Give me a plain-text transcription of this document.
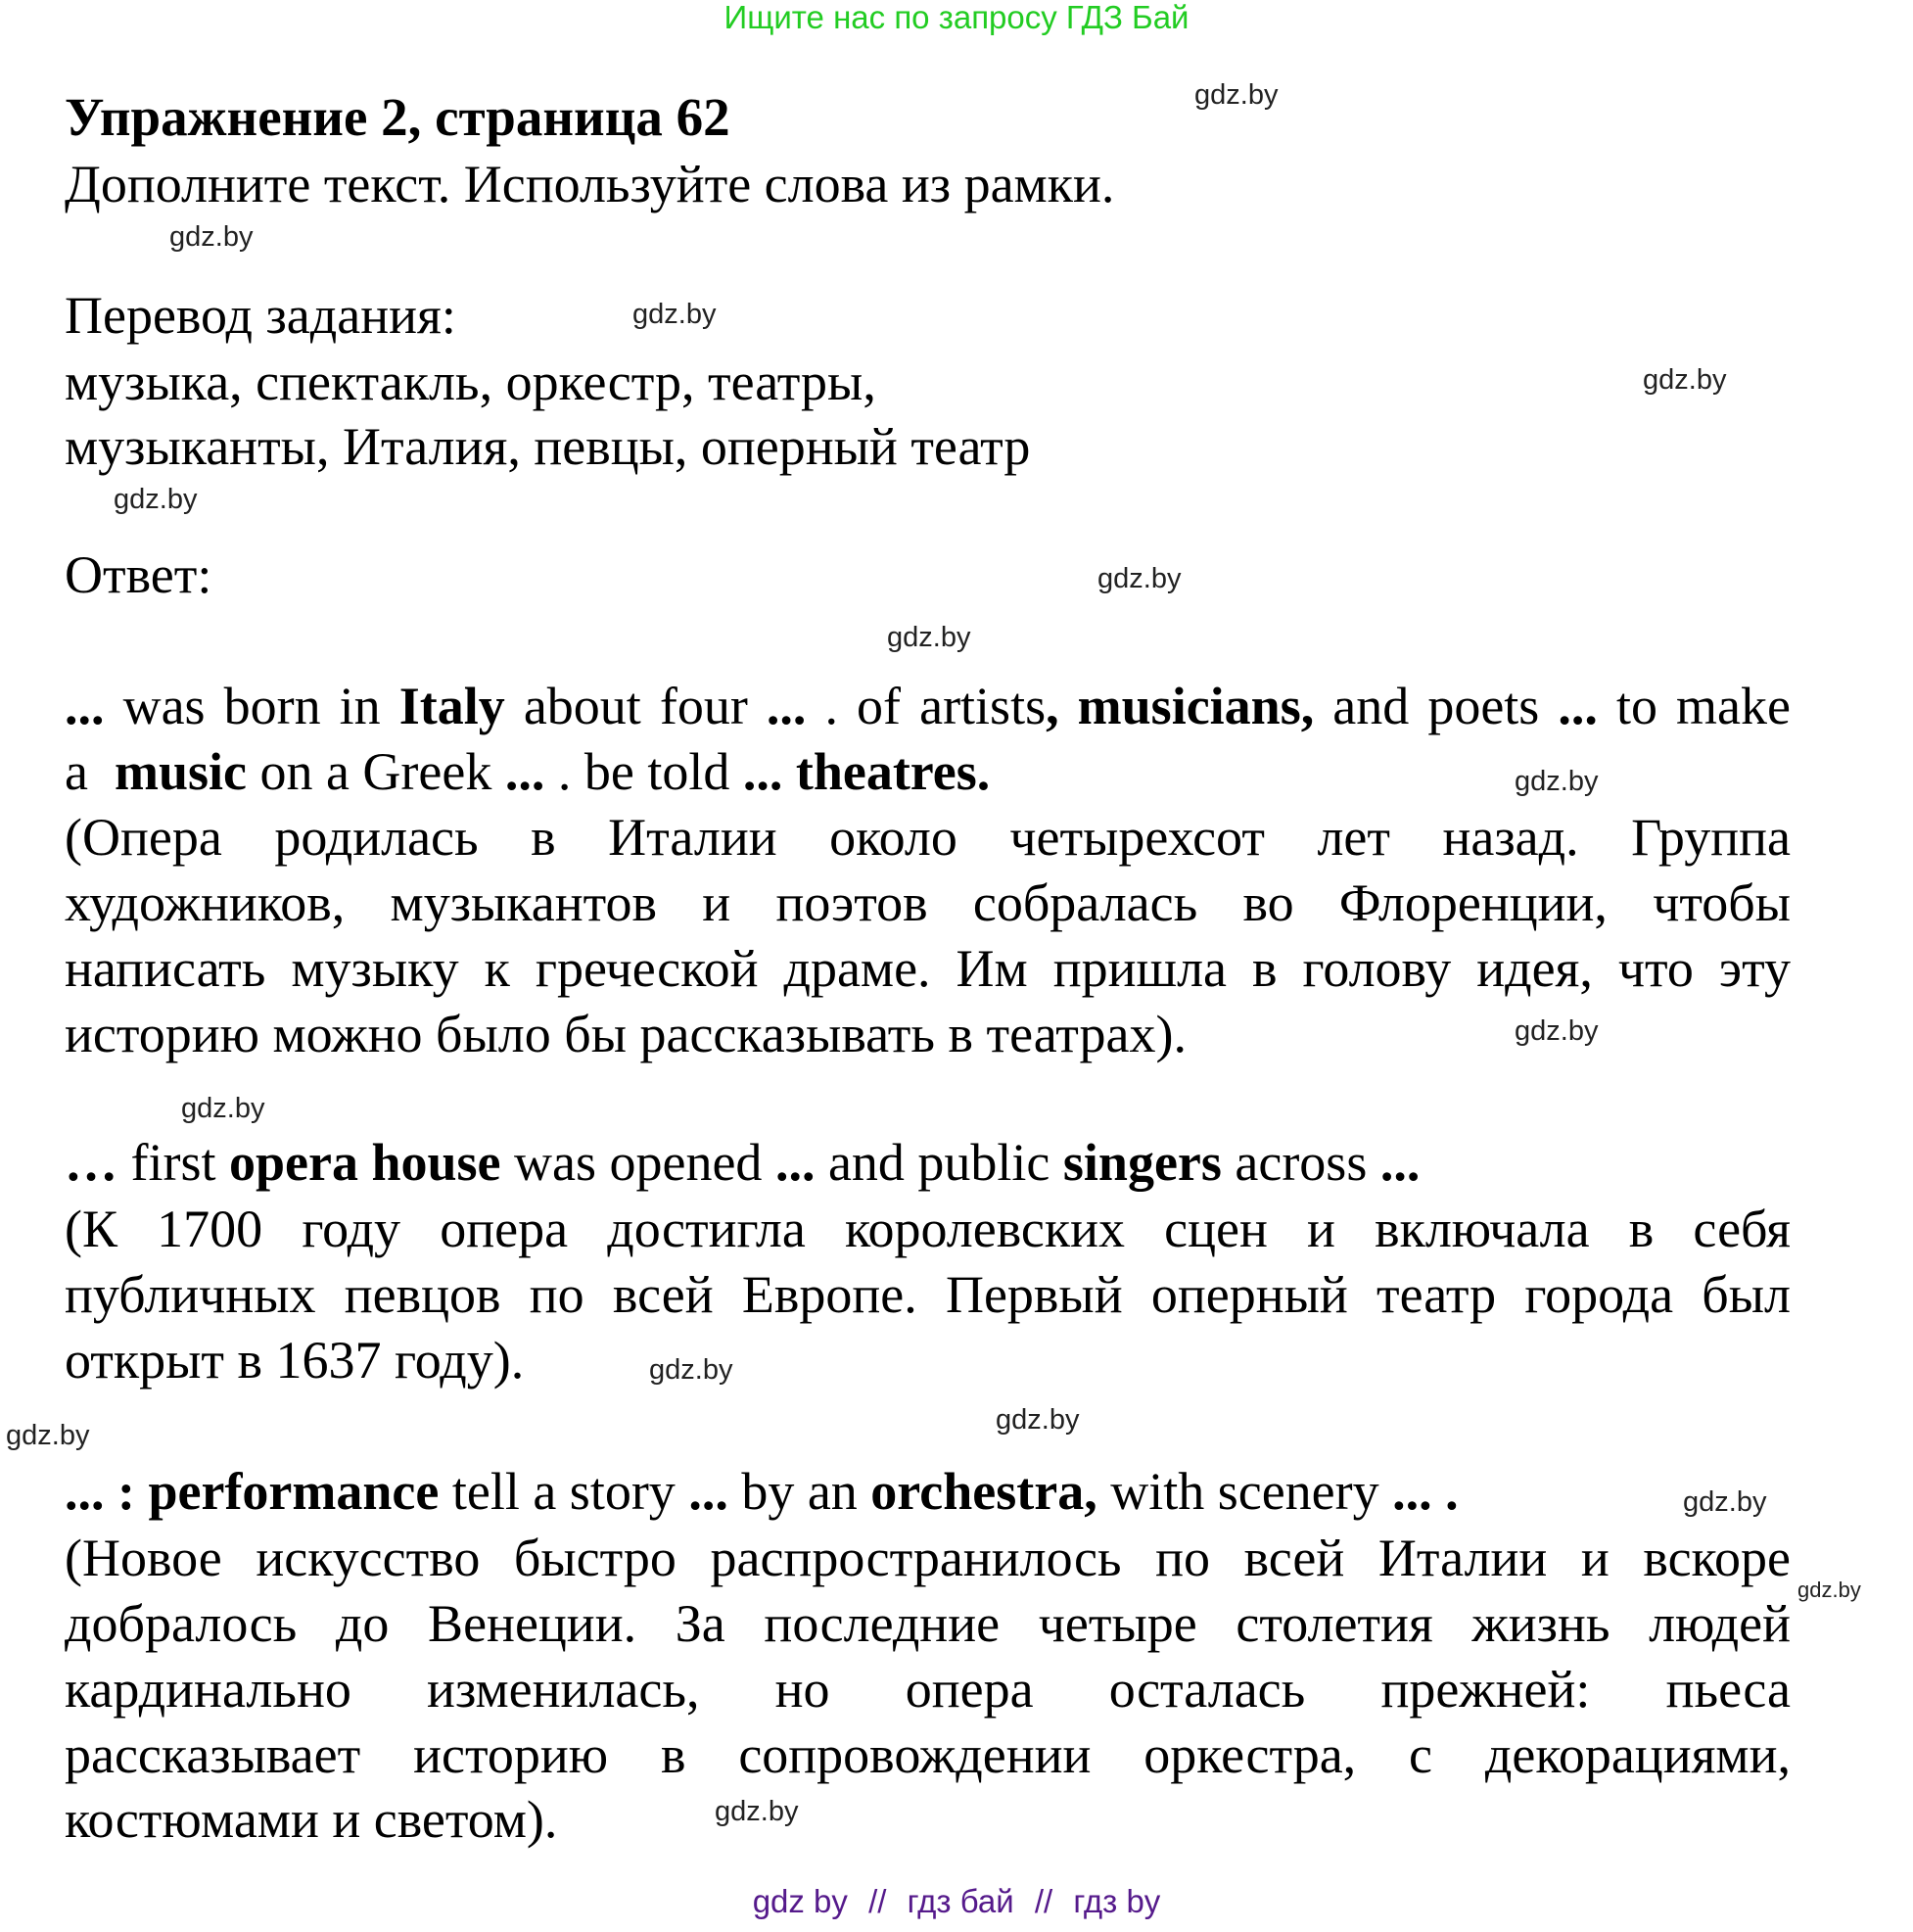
Ищите нас по запросу ГДЗ Бай
Упражнение 2, страница 62
Дополните текст. Используйте слова из рамки.
Перевод задания:
музыка, спектакль, оркестр, театры,
музыканты, Италия, певцы, оперный театр
Ответ:
... was born in Italy about four ... . of artists, musicians, and poets ... to make
a  music on a Greek ... . be told ... theatres.
(Опера родилась в Италии около четырехсот лет назад. Группа
художников, музыкантов и поэтов собралась во Флоренции, чтобы
написать музыку к греческой драме. Им пришла в голову идея, что эту
историю можно было бы рассказывать в театрах).
… first opera house was opened ... and public singers across ...
(К 1700 году опера достигла королевских сцен и включала в себя
публичных певцов по всей Европе. Первый оперный театр города был
открыт в 1637 году).
... : performance tell a story ... by an orchestra, with scenery ... .
(Новое искусство быстро распространилось по всей Италии и вскоре
добралось до Венеции. За последние четыре столетия жизнь людей
кардинально изменилась, но опера осталась прежней: пьеса
рассказывает историю в сопровождении оркестра, с декорациями,
костюмами и светом).
gdz.by
gdz.by
gdz.by
gdz.by
gdz.by
gdz.by
gdz.by
gdz.by
gdz.by
gdz.by
gdz.by
gdz.by
gdz.by
gdz.by
gdz.by
gdz.by
gdz by // гдз бай // гдз by
